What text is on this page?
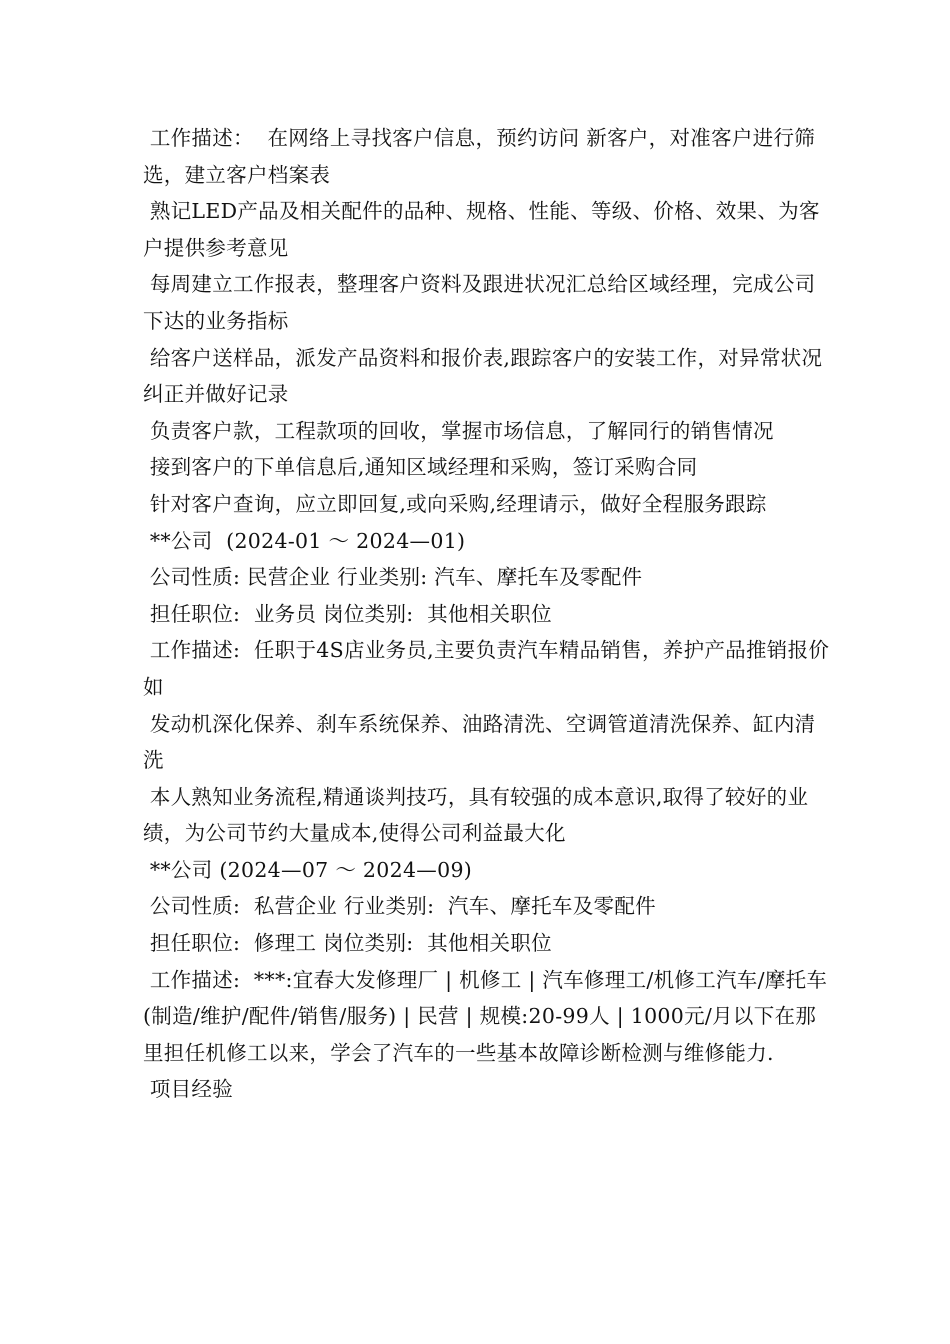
工作描述：  在网络上寻找客户信息，预约访问 新客户，对准客户进行筛选，建立客户档案表

熟记LED产品及相关配件的品种、规格、性能、等级、价格、效果、为客户提供参考意见

每周建立工作报表，整理客户资料及跟进状况汇总给区域经理，完成公司下达的业务指标

给客户送样品，派发产品资料和报价表,跟踪客户的安装工作，对异常状况纠正并做好记录

负责客户款，工程款项的回收，掌握市场信息，了解同行的销售情况

接到客户的下单信息后,通知区域经理和采购，签订采购合同

针对客户查询，应立即回复,或向采购,经理请示，做好全程服务跟踪

**公司  (2024-01 ～ 2024—01)

公司性质: 民营企业 行业类别: 汽车、摩托车及零配件

担任职位:  业务员 岗位类别:  其他相关职位

工作描述:  任职于4S店业务员,主要负责汽车精品销售，养护产品推销报价如

发动机深化保养、刹车系统保养、油路清洗、空调管道清洗保养、缸内清洗

本人熟知业务流程,精通谈判技巧，具有较强的成本意识,取得了较好的业绩，为公司节约大量成本,使得公司利益最大化

**公司 (2024—07 ～ 2024—09)

公司性质:  私营企业 行业类别:  汽车、摩托车及零配件

担任职位:  修理工 岗位类别:  其他相关职位

工作描述:  ***:宜春大发修理厂 | 机修工 | 汽车修理工/机修工汽车/摩托车(制造/维护/配件/销售/服务) | 民营 | 规模:20-99人 | 1000元/月以下在那里担任机修工以来，学会了汽车的一些基本故障诊断检测与维修能力.

项目经验
